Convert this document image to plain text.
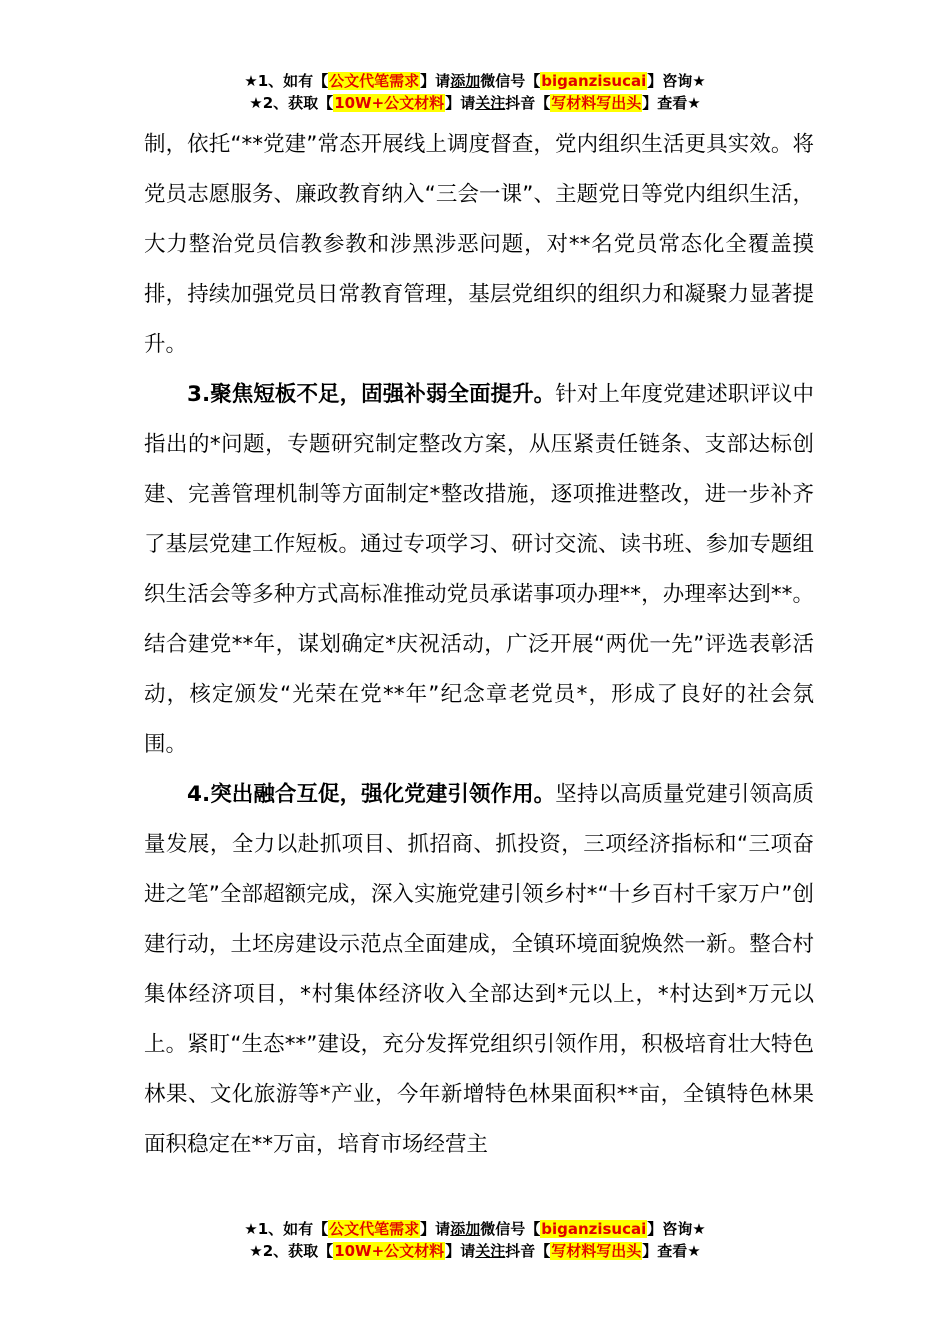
★1、如有【公文代笔需求】请添加微信号【biganzisucai】咨询★
★2、获取【10W+公文材料】请关注抖音【写材料写出头】查看★

制，依托“**党建”常态开展线上调度督查，党内组织生活更具实效。将党员志愿服务、廉政教育纳入“三会一课”、主题党日等党内组织生活，大力整治党员信教参教和涉黑涉恶问题，对**名党员常态化全覆盖摸排，持续加强党员日常教育管理，基层党组织的组织力和凝聚力显著提升。

3.聚焦短板不足，固强补弱全面提升。针对上年度党建述职评议中指出的*问题，专题研究制定整改方案，从压紧责任链条、支部达标创建、完善管理机制等方面制定*整改措施，逐项推进整改，进一步补齐了基层党建工作短板。通过专项学习、研讨交流、读书班、参加专题组织生活会等多种方式高标准推动党员承诺事项办理**，办理率达到**。结合建党**年，谋划确定*庆祝活动，广泛开展“两优一先”评选表彰活动，核定颁发“光荣在党**年”纪念章老党员*，形成了良好的社会氛围。

4.突出融合互促，强化党建引领作用。坚持以高质量党建引领高质量发展，全力以赴抓项目、抓招商、抓投资，三项经济指标和“三项奋进之笔”全部超额完成，深入实施党建引领乡村*“十乡百村千家万户”创建行动，土坯房建设示范点全面建成，全镇环境面貌焕然一新。整合村集体经济项目，*村集体经济收入全部达到*元以上，*村达到*万元以上。紧盯“生态**”建设，充分发挥党组织引领作用，积极培育壮大特色林果、文化旅游等*产业，今年新增特色林果面积**亩，全镇特色林果面积稳定在**万亩，培育市场经营主

★1、如有【公文代笔需求】请添加微信号【biganzisucai】咨询★
★2、获取【10W+公文材料】请关注抖音【写材料写出头】查看★
